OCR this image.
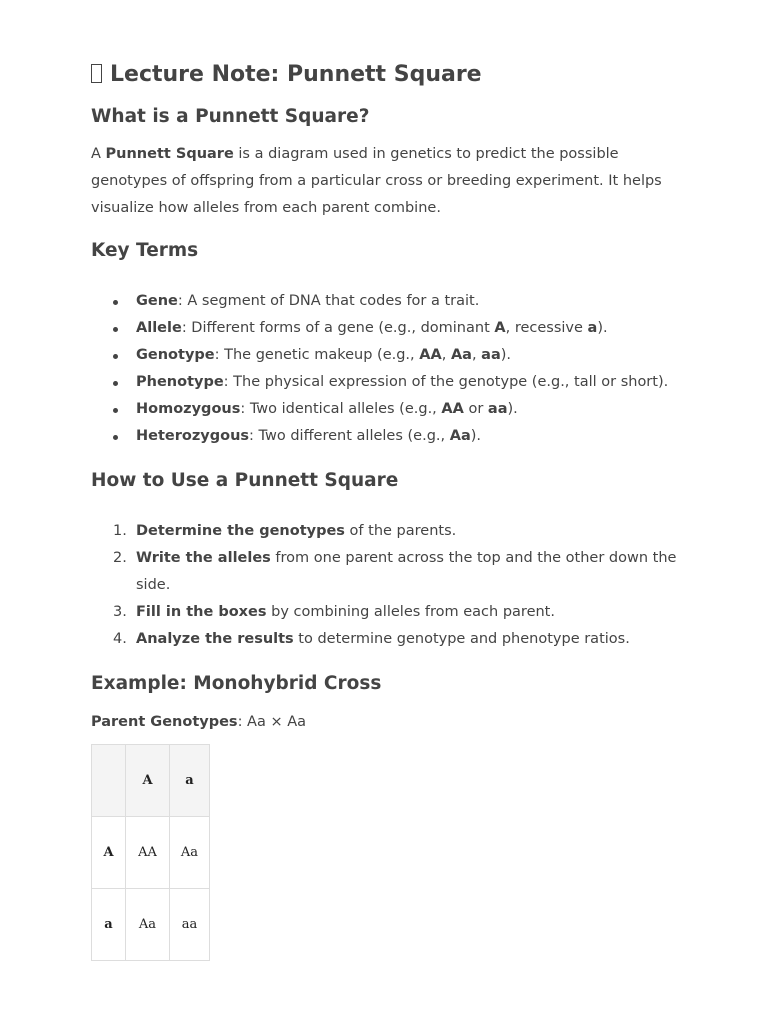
Lecture Note: Punnett Square
What is a Punnett Square?

A Punnett Square is a diagram used in genetics to predict the possible genotypes of offspring from a particular cross or breeding experiment. It helps visualize how alleles from each parent combine.

Key Terms
Gene: A segment of DNA that codes for a trait.
Allele: Different forms of a gene (e.g., dominant A, recessive a).
Genotype: The genetic makeup (e.g., AA, Aa, aa).
Phenotype: The physical expression of the genotype (e.g., tall or short).
Homozygous: Two identical alleles (e.g., AA or aa).
Heterozygous: Two different alleles (e.g., Aa).
How to Use a Punnett Square
1. Determine the genotypes of the parents.
2. Write the alleles from one parent across the top and the other down the side.
3. Fill in the boxes by combining alleles from each parent.
4. Analyze the results to determine genotype and phenotype ratios.
Example: Monohybrid Cross

Parent Genotypes: Aa × Aa

	A	a
A	AA	Aa
a	Aa	aa
